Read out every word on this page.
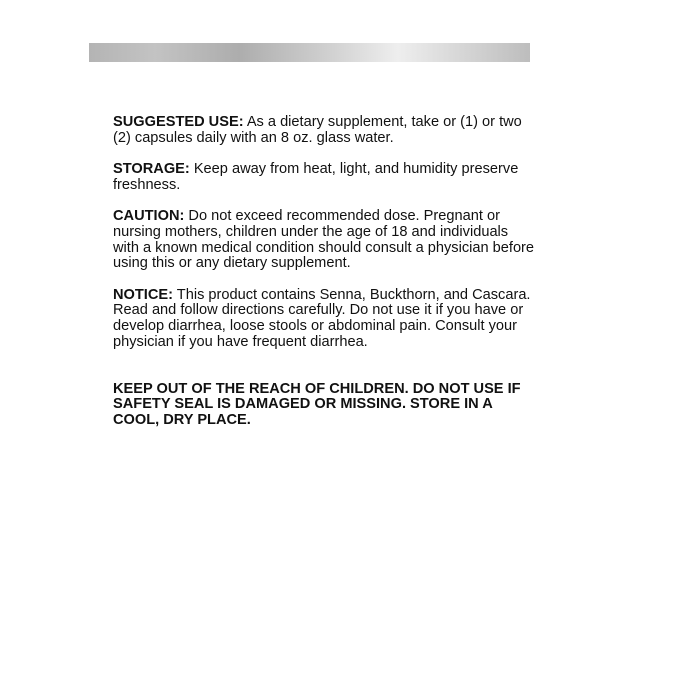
SUGGESTED USE: As a dietary supplement, take or (1) or two (2) capsules daily with an 8 oz. glass water.

STORAGE: Keep away from heat, light, and humidity preserve freshness.

CAUTION: Do not exceed recommended dose. Pregnant or nursing mothers, children under the age of 18 and individuals with a known medical condition should consult a physician before using this or any dietary supplement.

NOTICE: This product contains Senna, Buckthorn, and Cascara. Read and follow directions carefully. Do not use it if you have or develop diarrhea, loose stools or abdominal pain. Consult your physician if you have frequent diarrhea.

KEEP OUT OF THE REACH OF CHILDREN. DO NOT USE IF SAFETY SEAL IS DAMAGED OR MISSING. STORE IN A COOL, DRY PLACE.
